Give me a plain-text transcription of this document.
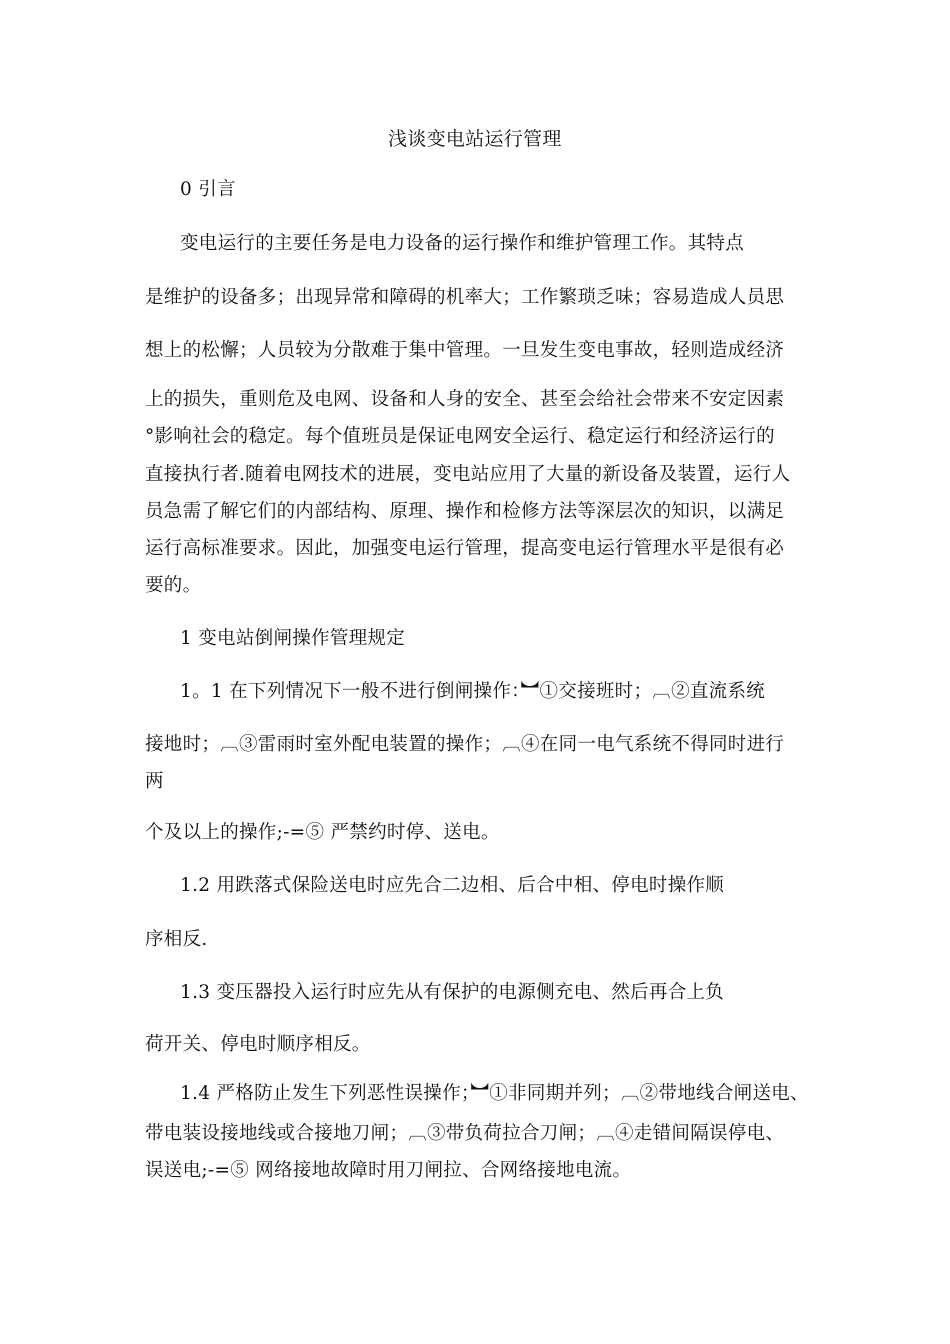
浅谈变电站运行管理
0 引言
变电运行的主要任务是电力设备的运行操作和维护管理工作。其特点
是维护的设备多；出现异常和障碍的机率大；工作繁琐乏味；容易造成人员思
想上的松懈；人员较为分散难于集中管理。一旦发生变电事故，轻则造成经济
上的损失，重则危及电网、设备和人身的安全、甚至会给社会带来不安定因素
°影响社会的稳定。每个值班员是保证电网安全运行、稳定运行和经济运行的
直接执行者.随着电网技术的进展，变电站应用了大量的新设备及装置，运行人
员急需了解它们的内部结构、原理、操作和检修方法等深层次的知识，以满足
运行高标准要求。因此，加强变电运行管理，提高变电运行管理水平是很有必
要的。
1 变电站倒闸操作管理规定
1。1 在下列情况下一般不进行倒闸操作：︼①交接班时；︹②直流系统
接地时；︹③雷雨时室外配电装置的操作；︹④在同一电气系统不得同时进行
两
个及以上的操作;-=⑤ 严禁约时停、送电。
1.2 用跌落式保险送电时应先合二边相、后合中相、停电时操作顺
序相反.
1.3 变压器投入运行时应先从有保护的电源侧充电、然后再合上负
荷开关、停电时顺序相反。
1.4 严格防止发生下列恶性误操作；︼①非同期并列；︹②带地线合闸送电、
带电装设接地线或合接地刀闸；︹③带负荷拉合刀闸；︹④走错间隔误停电、
误送电;-=⑤ 网络接地故障时用刀闸拉、合网络接地电流。
